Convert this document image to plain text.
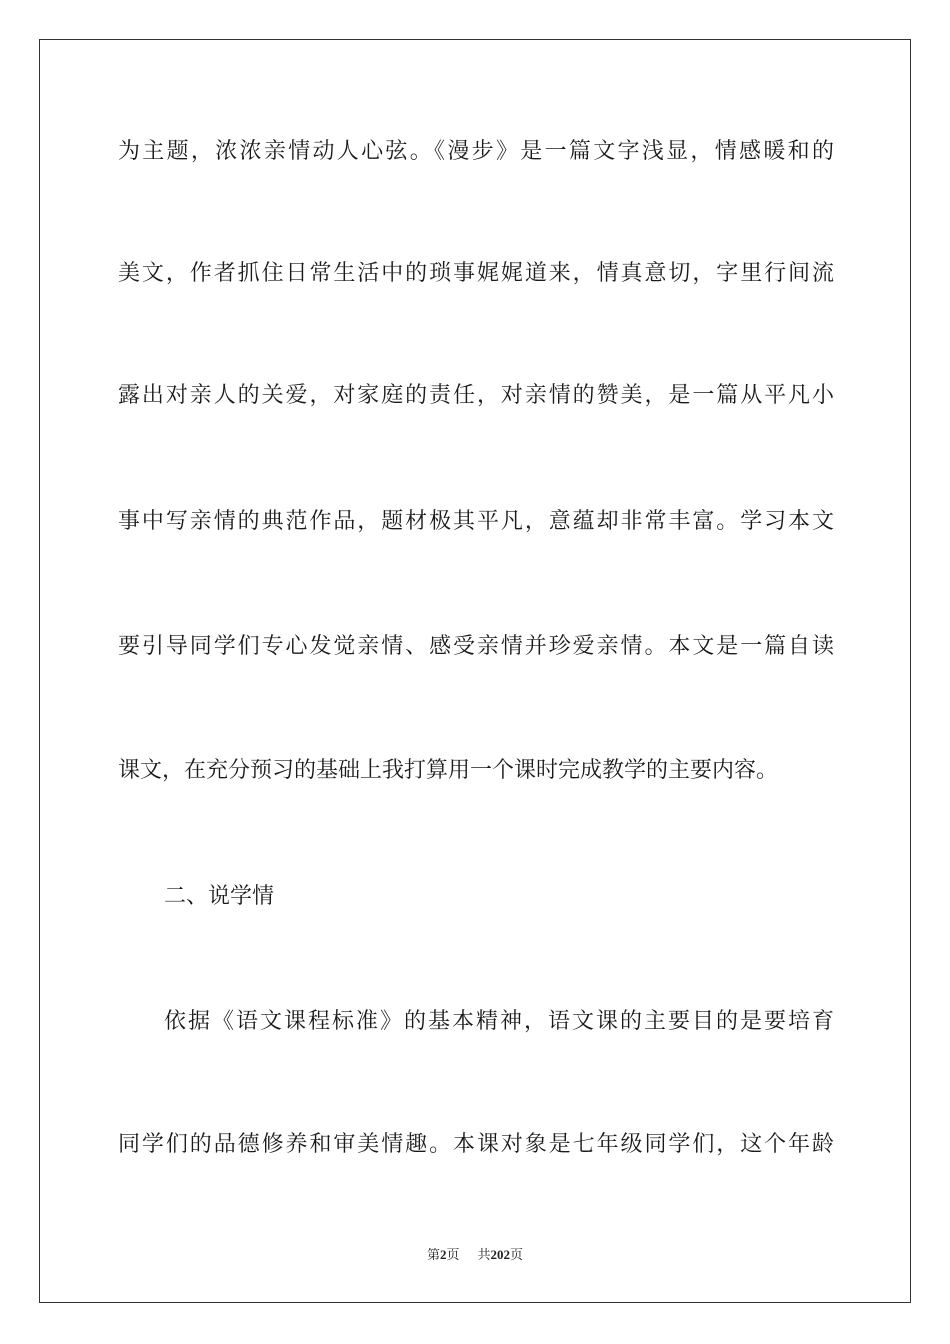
为主题，浓浓亲情动人心弦。《漫步》是一篇文字浅显，情感暖和的
美文，作者抓住日常生活中的琐事娓娓道来，情真意切，字里行间流
露出对亲人的关爱，对家庭的责任，对亲情的赞美，是一篇从平凡小
事中写亲情的典范作品，题材极其平凡，意蕴却非常丰富。学习本文
要引导同学们专心发觉亲情、感受亲情并珍爱亲情。本文是一篇自读
课文，在充分预习的基础上我打算用一个课时完成教学的主要内容。
二、说学情
依据《语文课程标准》的基本精神，语文课的主要目的是要培育
同学们的品德修养和审美情趣。本课对象是七年级同学们，这个年龄
第2页 共202页
